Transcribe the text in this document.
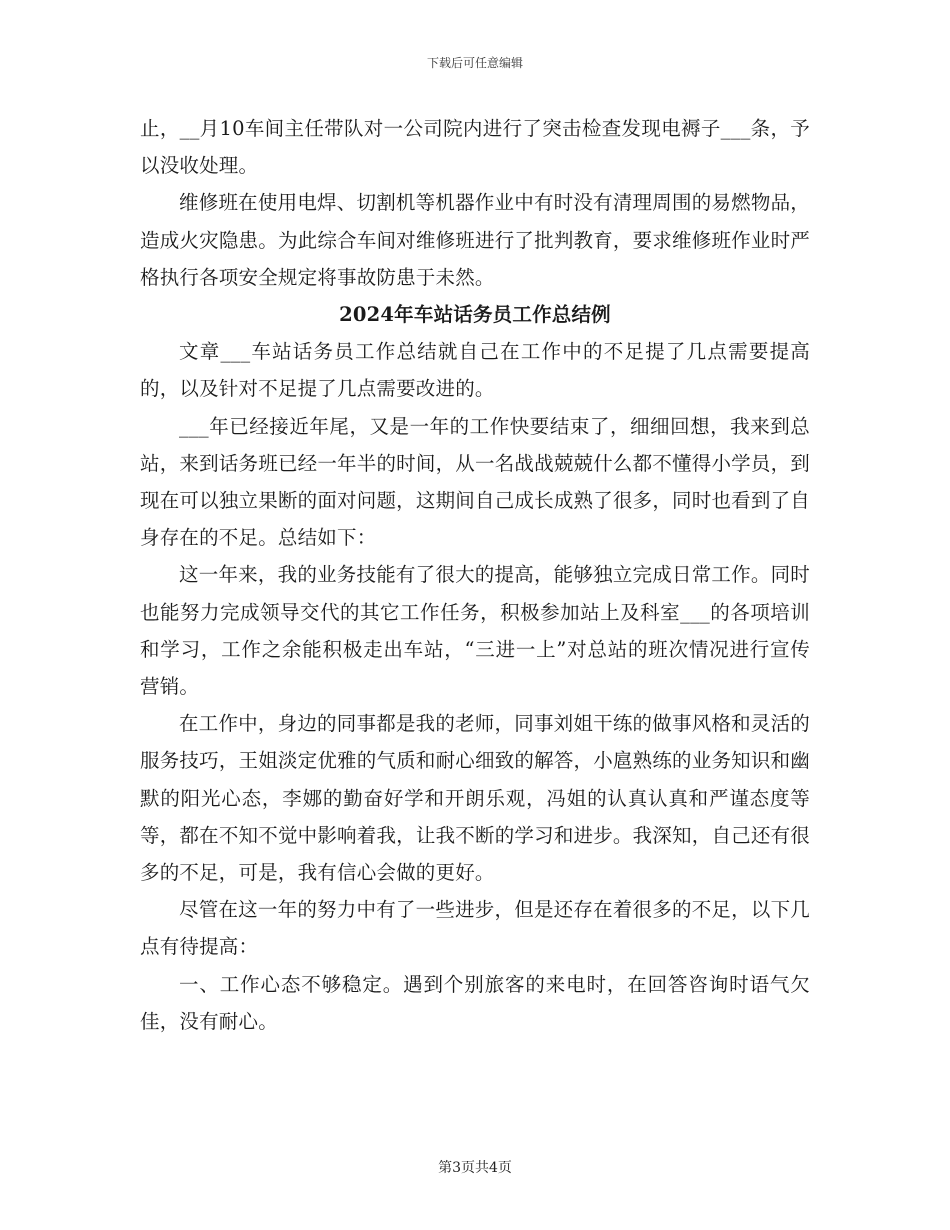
下载后可任意编辑

止，__月10车间主任带队对一公司院内进行了突击检查发现电褥子___条，予以没收处理。

维修班在使用电焊、切割机等机器作业中有时没有清理周围的易燃物品，造成火灾隐患。为此综合车间对维修班进行了批判教育，要求维修班作业时严格执行各项安全规定将事故防患于未然。

2024年车站话务员工作总结例

文章___车站话务员工作总结就自己在工作中的不足提了几点需要提高的，以及针对不足提了几点需要改进的。

___年已经接近年尾，又是一年的工作快要结束了，细细回想，我来到总站，来到话务班已经一年半的时间，从一名战战兢兢什么都不懂得小学员，到现在可以独立果断的面对问题，这期间自己成长成熟了很多，同时也看到了自身存在的不足。总结如下：

这一年来，我的业务技能有了很大的提高，能够独立完成日常工作。同时也能努力完成领导交代的其它工作任务，积极参加站上及科室___的各项培训和学习，工作之余能积极走出车站，“三进一上”对总站的班次情况进行宣传营销。

在工作中，身边的同事都是我的老师，同事刘姐干练的做事风格和灵活的服务技巧，王姐淡定优雅的气质和耐心细致的解答，小扈熟练的业务知识和幽默的阳光心态，李娜的勤奋好学和开朗乐观，冯姐的认真认真和严谨态度等等，都在不知不觉中影响着我，让我不断的学习和进步。我深知，自己还有很多的不足，可是，我有信心会做的更好。

尽管在这一年的努力中有了一些进步，但是还存在着很多的不足，以下几点有待提高：

一、工作心态不够稳定。遇到个别旅客的来电时，在回答咨询时语气欠佳，没有耐心。

第3页共4页
